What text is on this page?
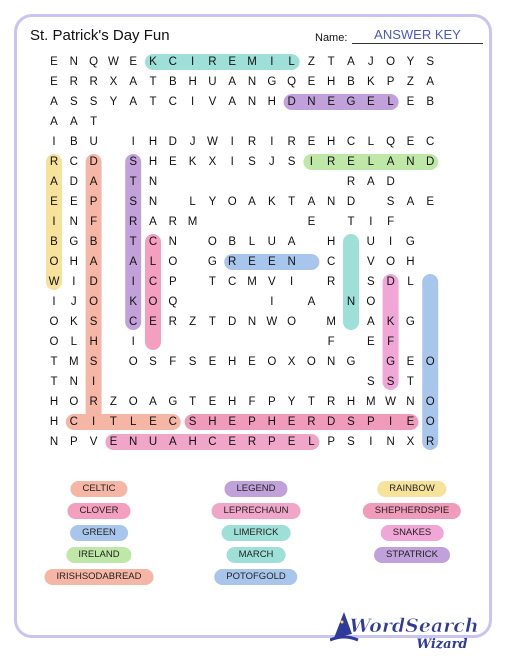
St. Patrick's Day Fun	Name:	ANSWER KEY
E N Q W E K C I R E M I L Z T A J O Y S
E R R X A T B H U A N G Q E H B K P Z A
A S S Y A T C I V A N H D N E G E L E B
A A T
I B U	I H D J W I R I R E H C L Q E C
R C D	S H E K X I S J S I R E L A N D
A D A	T N	R A D
E E P	S N	L Y O A K T A N D	S A E
I N F	R A R M	E	T I F
B G B	T C N	O B L U A	H	U I G
O H A	A L O	G R E E N	C	V O H
W I D	I C P	T C M V I	R	S D L
I J O	K O Q	I	A	N O
O K S	C E R Z T D N W O	M	A K G
O L H	I	F	E F
T M S	O S F S E H E O X O N G	G E O
T N I	S S T
H O R Z O A G T E H F P Y T R H M W N O
H C I T L E C S H E P H E R D S P I E O
N P V E N U A H C E R P E L P S I N X R
CELTIC	LEGEND	RAINBOW
CLOVER	LEPRECHAUN	SHEPHERDSPIE
GREEN	LIMERICK	SNAKES
IRELAND	MARCH	STPATRICK
IRISHSODABREAD	POTOFGOLD
WordSearch
Wizard
